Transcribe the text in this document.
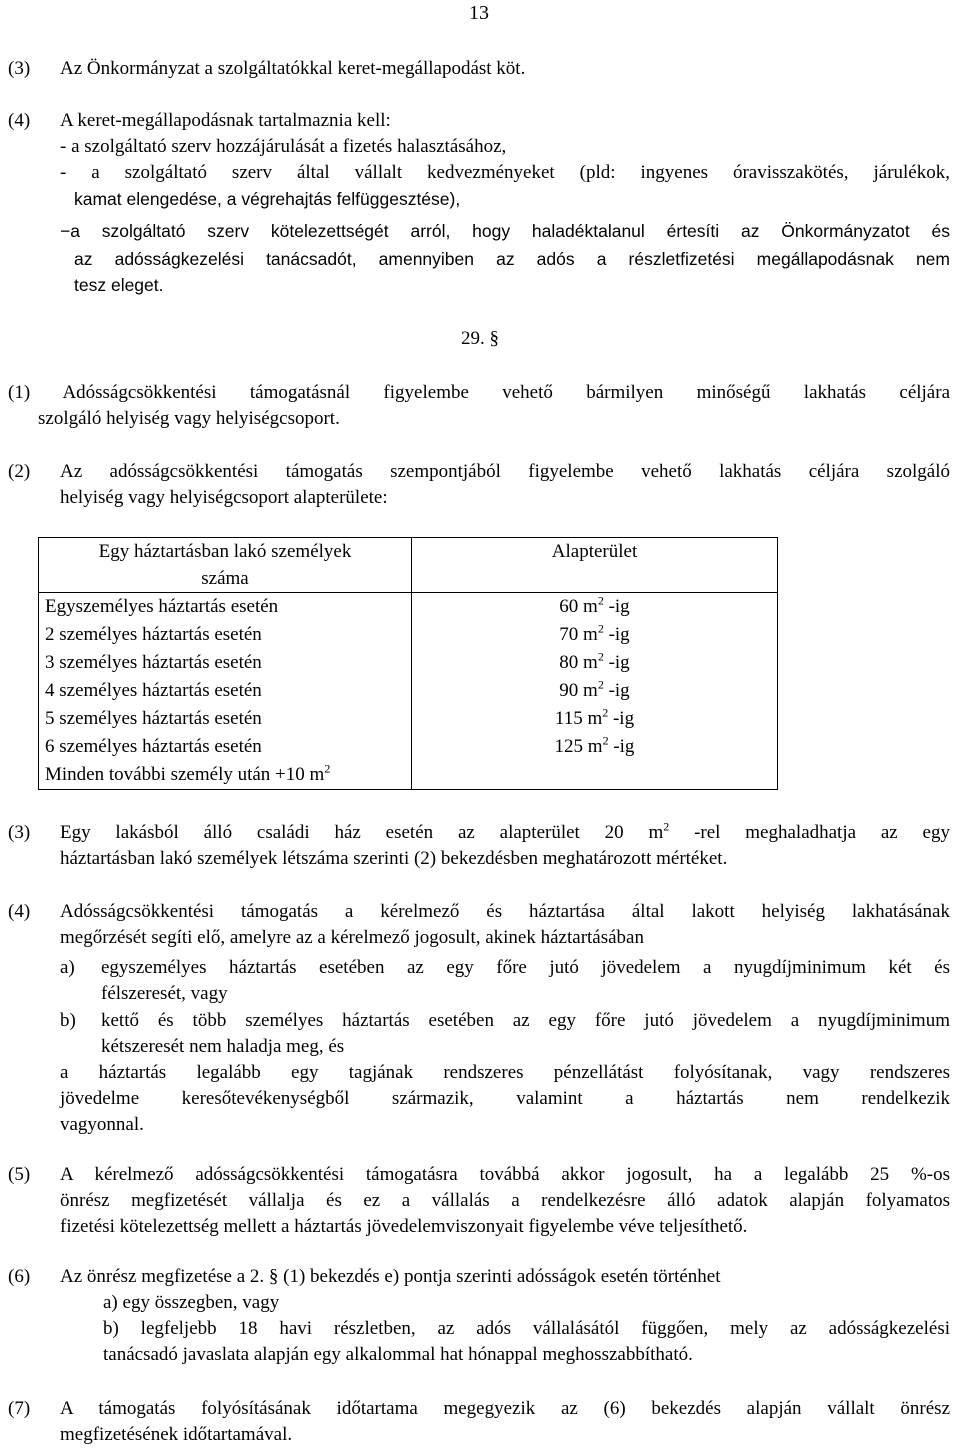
13
(3) Az Önkormányzat a szolgáltatókkal keret-megállapodást köt.
(4) A keret-megállapodásnak tartalmaznia kell:
- a szolgáltató szerv hozzájárulását a fizetés halasztásához,
- a szolgáltató szerv által vállalt kedvezményeket (pld: ingyenes óravisszakötés, járulékok,
kamat elengedése, a végrehajtás felfüggesztése),
−a szolgáltató szerv kötelezettségét arról, hogy haladéktalanul értesíti az Önkormányzatot és
az adósságkezelési tanácsadót, amennyiben az adós a részletfizetési megállapodásnak nem
tesz eleget.
29. §
(1) Adósságcsökkentési támogatásnál figyelembe vehető bármilyen minőségű lakhatás céljára
szolgáló helyiség vagy helyiségcsoport.
(2) Az adósságcsökkentési támogatás szempontjából figyelembe vehető lakhatás céljára szolgáló
helyiség vagy helyiségcsoport alapterülete:
Egy háztartásban lakó személyek
száma	Alapterület
Egyszemélyes háztartás esetén	60 $m^2$ -ig
2 személyes háztartás esetén	70 $m^2$ -ig
3 személyes háztartás esetén	80 $m^2$ -ig
4 személyes háztartás esetén	90 $m^2$ -ig
5 személyes háztartás esetén	115 $m^2$ -ig
6 személyes háztartás esetén	125 $m^2$ -ig
Minden további személy után +10 $m^2$	
(3) Egy lakásból álló családi ház esetén az alapterület 20 $m^2$ -rel meghaladhatja az egy
háztartásban lakó személyek létszáma szerinti (2) bekezdésben meghatározott mértéket.
(4) Adósságcsökkentési támogatás a kérelmező és háztartása által lakott helyiség lakhatásának
megőrzését segíti elő, amelyre az a kérelmező jogosult, akinek háztartásában
a) egyszemélyes háztartás esetében az egy főre jutó jövedelem a nyugdíjminimum két és
félszeresét, vagy
b) kettő és több személyes háztartás esetében az egy főre jutó jövedelem a nyugdíjminimum
kétszeresét nem haladja meg, és
a háztartás legalább egy tagjának rendszeres pénzellátást folyósítanak, vagy rendszeres
jövedelme keresőtevékenységből származik, valamint a háztartás nem rendelkezik
vagyonnal.
(5) A kérelmező adósságcsökkentési támogatásra továbbá akkor jogosult, ha a legalább 25 %-os
önrész megfizetését vállalja és ez a vállalás a rendelkezésre álló adatok alapján folyamatos
fizetési kötelezettség mellett a háztartás jövedelemviszonyait figyelembe véve teljesíthető.
(6) Az önrész megfizetése a 2. § (1) bekezdés e) pontja szerinti adósságok esetén történhet
a) egy összegben, vagy
b) legfeljebb 18 havi részletben, az adós vállalásától függően, mely az adósságkezelési
tanácsadó javaslata alapján egy alkalommal hat hónappal meghosszabbítható.
(7) A támogatás folyósításának időtartama megegyezik az (6) bekezdés alapján vállalt önrész
megfizetésének időtartamával.
